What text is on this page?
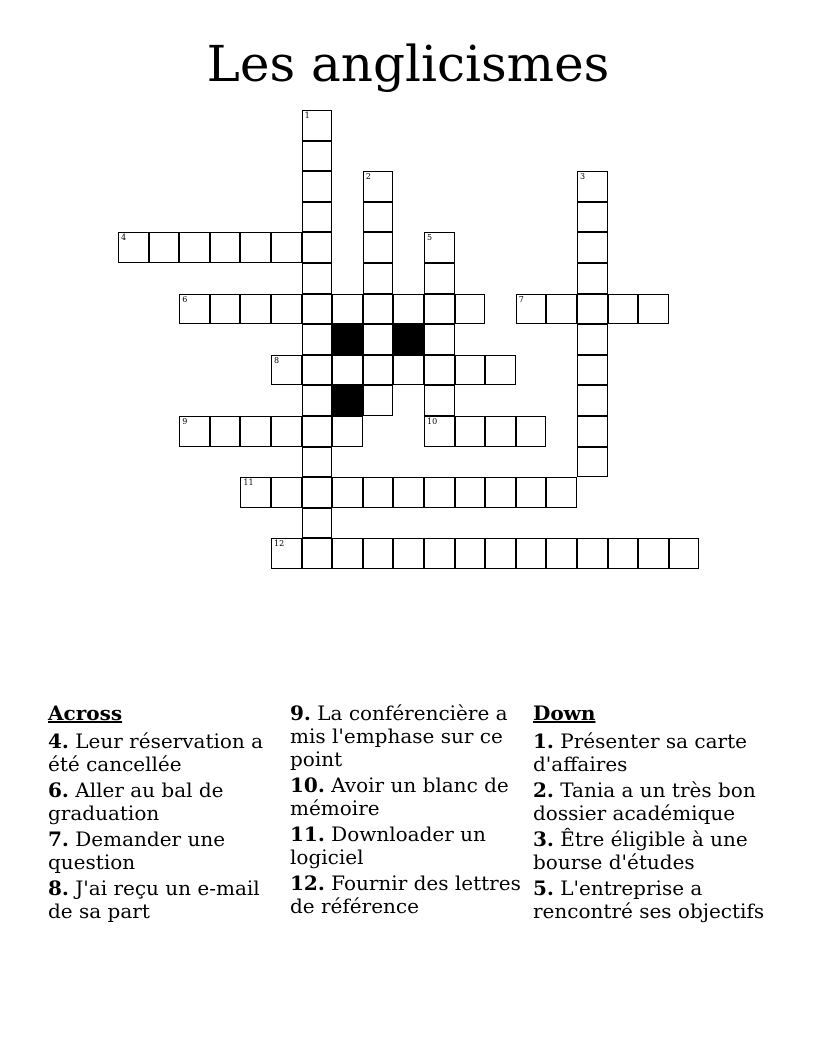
Les anglicismes
1
2	3
4	5
6	7
8
9	10
11
12
Across
4. Leur réservation a été cancellée
6. Aller au bal de graduation
7. Demander une question
8. J'ai reçu un e-mail de sa part
9. La conférencière a mis l'emphase sur ce point
10. Avoir un blanc de mémoire
11. Downloader un logiciel
12. Fournir des lettres de référence
Down
1. Présenter sa carte d'affaires
2. Tania a un très bon dossier académique
3. Être éligible à une bourse d'études
5. L'entreprise a rencontré ses objectifs
